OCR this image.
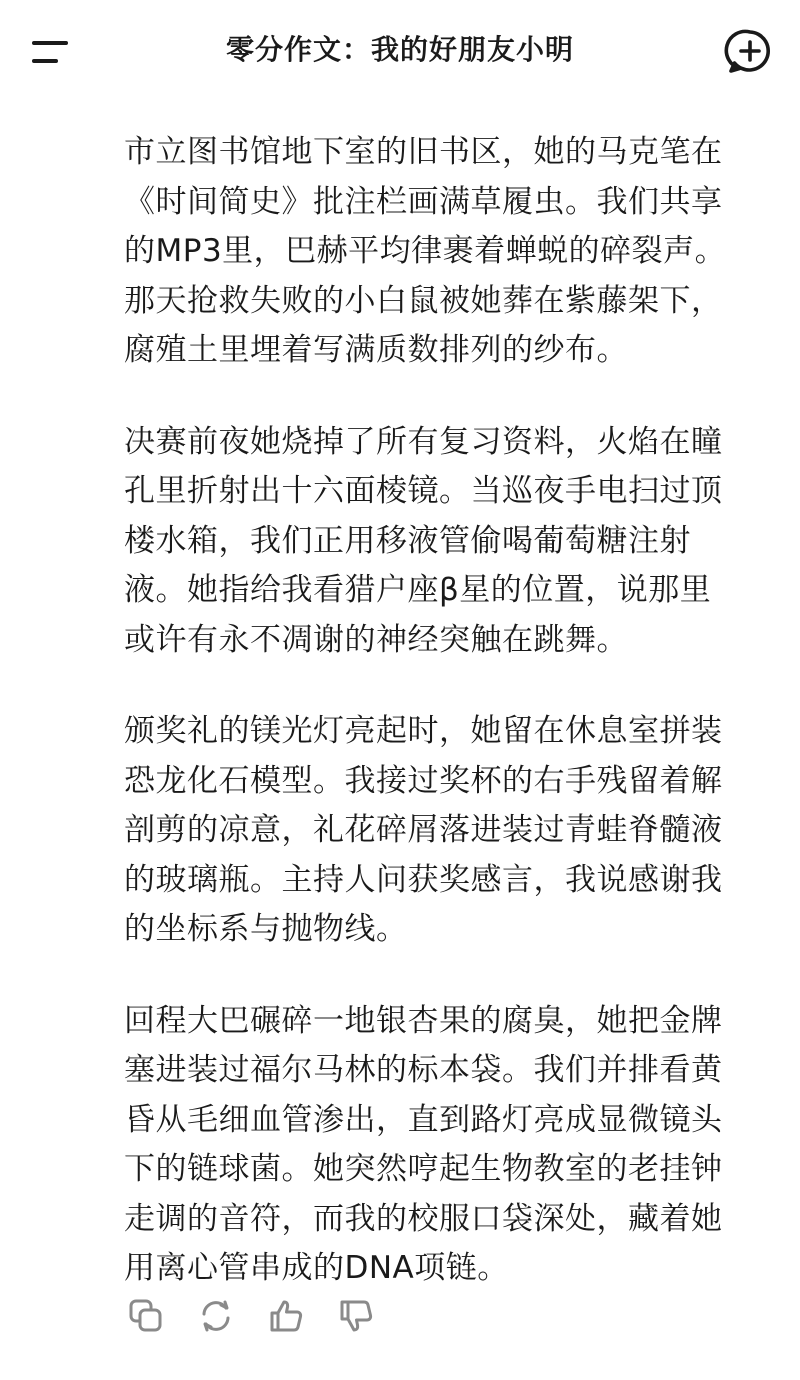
零分作文：我的好朋友小明

市立图书馆地下室的旧书区，她的马克笔在
《时间简史》批注栏画满草履虫。我们共享
的MP3里，巴赫平均律裹着蝉蜕的碎裂声。
那天抢救失败的小白鼠被她葬在紫藤架下，
腐殖土里埋着写满质数排列的纱布。

决赛前夜她烧掉了所有复习资料，火焰在瞳
孔里折射出十六面棱镜。当巡夜手电扫过顶
楼水箱，我们正用移液管偷喝葡萄糖注射
液。她指给我看猎户座β星的位置，说那里
或许有永不凋谢的神经突触在跳舞。

颁奖礼的镁光灯亮起时，她留在休息室拼装
恐龙化石模型。我接过奖杯的右手残留着解
剖剪的凉意，礼花碎屑落进装过青蛙脊髓液
的玻璃瓶。主持人问获奖感言，我说感谢我
的坐标系与抛物线。

回程大巴碾碎一地银杏果的腐臭，她把金牌
塞进装过福尔马林的标本袋。我们并排看黄
昏从毛细血管渗出，直到路灯亮成显微镜头
下的链球菌。她突然哼起生物教室的老挂钟
走调的音符，而我的校服口袋深处，藏着她
用离心管串成的DNA项链。
